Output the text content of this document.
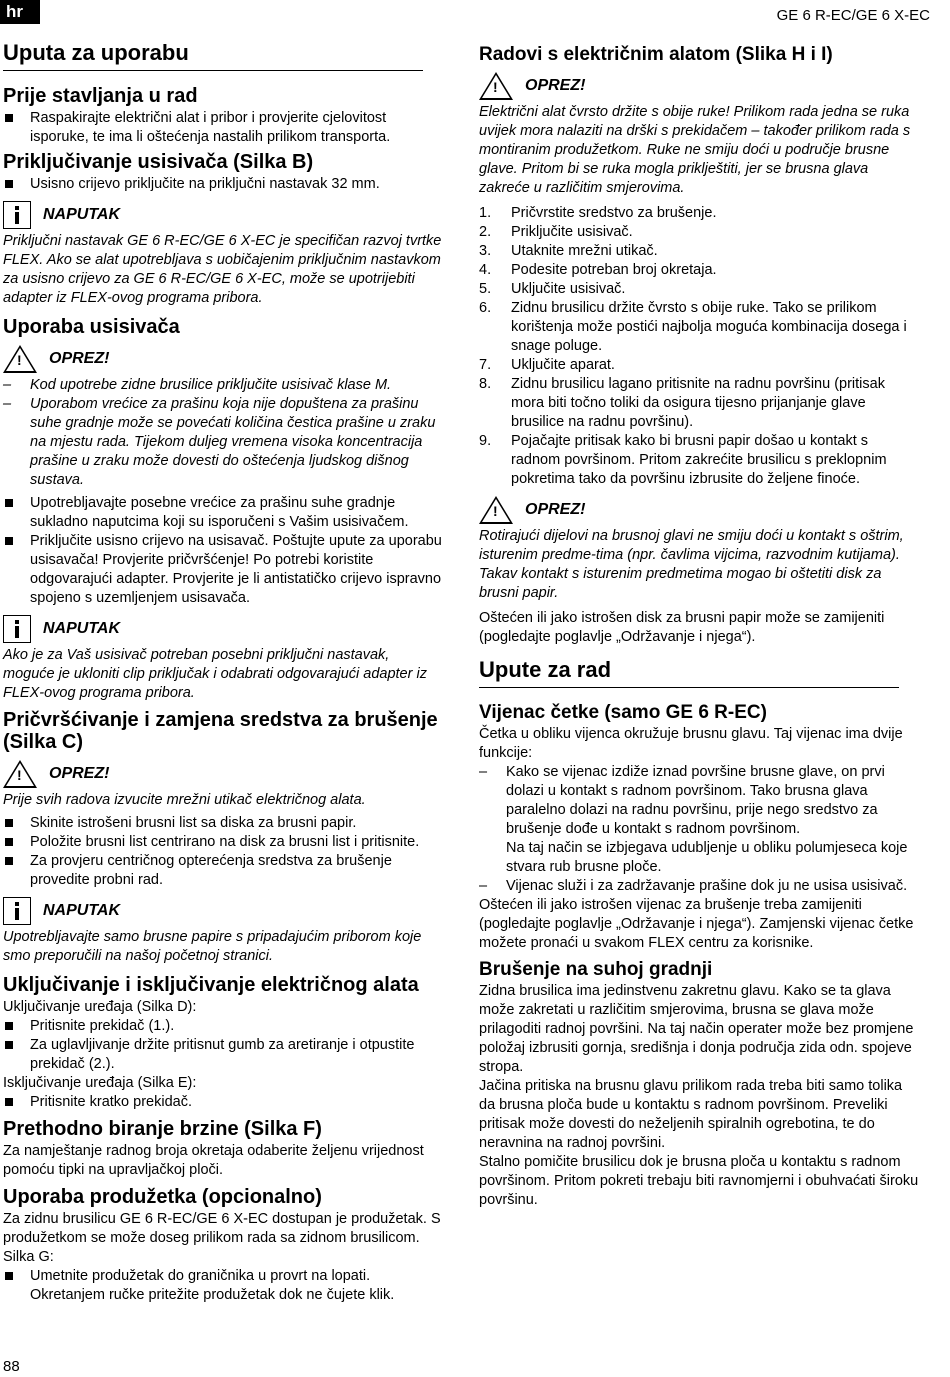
hr	GE 6 R-EC/GE 6 X-EC
Uputa za uporabu
Prije stavljanja u rad
Raspakirajte električni alat i pribor i provjerite cjelovitost isporuke, te ima li oštećenja nastalih prilikom transporta.
Priključivanje usisivača (Silka B)
Usisno crijevo priključite na priključni nastavak 32 mm.
NAPUTAK

Priključni nastavak GE 6 R-EC/GE 6 X-EC je specifičan razvoj tvrtke FLEX. Ako se alat upotrebljava s uobičajenim priključnim nastavkom za usisno crijevo za GE 6 R-EC/GE 6 X-EC, može se upotrijebiti adapter iz FLEX-ovog programa pribora.

Uporaba usisivača
!
OPREZ!
–	Kod upotrebe zidne brusilice priključite usisivač klase M.
–	Uporabom vrećice za prašinu koja nije dopuštena za prašinu suhe gradnje može se povećati količina čestica prašine u zraku na mjestu rada. Tijekom duljeg vremena visoka koncentracija prašine u zraku može dovesti do oštećenja ljudskog dišnog sustava.
Upotrebljavajte posebne vrećice za prašinu suhe gradnje sukladno naputcima koji su isporučeni s Vašim usisivačem.
Priključite usisno crijevo na usisavač. Poštujte upute za uporabu usisavača! Provjerite pričvršćenje! Po potrebi koristite odgovarajući adapter. Provjerite je li antistatičko crijevo ispravno spojeno s uzemljenjem usisavača.
NAPUTAK

Ako je za Vaš usisivač potreban posebni priključni nastavak, moguće je ukloniti clip priključak i odabrati odgovarajući adapter iz FLEX-ovog programa pribora.

Pričvršćivanje i zamjena sredstva za brušenje (Silka C)
!
OPREZ!

Prije svih radova izvucite mrežni utikač električnog alata.

Skinite istrošeni brusni list sa diska za brusni papir.
Položite brusni list centrirano na disk za brusni list i pritisnite.
Za provjeru centričnog opterećenja sredstva za brušenje provedite probni rad.
NAPUTAK

Upotrebljavajte samo brusne papire s pripadajućim priborom koje smo preporučili na našoj početnoj stranici.

Uključivanje i isključivanje električnog alata

Uključivanje uređaja (Silka D):

Pritisnite prekidač (1.).
Za uglavljivanje držite pritisnut gumb za aretiranje i otpustite prekidač (2.).

Isključivanje uređaja (Silka E):

Pritisnite kratko prekidač.
Prethodno biranje brzine (Silka F)

Za namještanje radnog broja okretaja odaberite željenu vrijednost pomoću tipki na upravljačkoj ploči.

Uporaba produžetka (opcionalno)

Za zidnu brusilicu GE 6 R-EC/GE 6 X-EC dostupan je produžetak. S produžetkom se može doseg prilikom rada sa zidnom brusilicom.

Silka G:

Umetnite produžetak do graničnika u provrt na lopati. Okretanjem ručke pritežite produžetak dok ne čujete klik.
Radovi s električnim alatom (Slika H i I)
!
OPREZ!

Električni alat čvrsto držite s obije ruke! Prilikom rada jedna se ruka uvijek mora nalaziti na drški s prekidačem – također prilikom rada s montiranim produžetkom. Ruke ne smiju doći u područje brusne glave. Pritom bi se ruka mogla priklještiti, jer se brusna glava zakreće u različitim smjerovima.

1.	Pričvrstite sredstvo za brušenje.
2.	Priključite usisivač.
3.	Utaknite mrežni utikač.
4.	Podesite potreban broj okretaja.
5.	Uključite usisivač.
6.	Zidnu brusilicu držite čvrsto s obije ruke. Tako se prilikom korištenja može postići najbolja moguća kombinacija dosega i snage poluge.
7.	Uključite aparat.
8.	Zidnu brusilicu lagano pritisnite na radnu površinu (pritisak mora biti točno toliki da osigura tijesno prijanjanje glave brusilice na radnu površinu).
9.	Pojačajte pritisak kako bi brusni papir došao u kontakt s radnom površinom. Pritom zakrećite brusilicu s preklopnim pokretima tako da površinu izbrusite do željene finoće.
!
OPREZ!

Rotirajući dijelovi na brusnoj glavi ne smiju doći u kontakt s oštrim, isturenim predme-tima (npr. čavlima vijcima, razvodnim kutijama). Takav kontakt s isturenim predmetima mogao bi oštetiti disk za brusni papir.

Oštećen ili jako istrošen disk za brusni papir može se zamijeniti (pogledajte poglavlje „Održavanje i njega“).

Upute za rad
Vijenac četke (samo GE 6 R-EC)

Četka u obliku vijenca okružuje brusnu glavu. Taj vijenac ima dvije funkcije:

–	Kako se vijenac izdiže iznad površine brusne glave, on prvi dolazi u kontakt s radnom površinom. Tako brusna glava paralelno dolazi na radnu površinu, prije nego sredstvo za brušenje dođe u kontakt s radnom površinom.
Na taj način se izbjegava udubljenje u obliku polumjeseca koje stvara rub brusne ploče.
–	Vijenac služi i za zadržavanje prašine dok ju ne usisa usisivač.

Oštećen ili jako istrošen vijenac za brušenje treba zamijeniti (pogledajte poglavlje „Održavanje i njega“). Zamjenski vijenac četke možete pronaći u svakom FLEX centru za korisnike.

Brušenje na suhoj gradnji

Zidna brusilica ima jedinstvenu zakretnu glavu. Kako se ta glava može zakretati u različitim smjerovima, brusna se glava može prilagoditi radnoj površini. Na taj način operater može bez promjene položaj izbrusiti gornja, središnja i donja područja zida odn. spojeve stropa.

Jačina pritiska na brusnu glavu prilikom rada treba biti samo tolika da brusna ploča bude u kontaktu s radnom površinom. Preveliki pritisak može dovesti do neželjenih spiralnih ogrebotina, te do neravnina na radnoj površini.

Stalno pomičite brusilicu dok je brusna ploča u kontaktu s radnom površinom. Pritom pokreti trebaju biti ravnomjerni i obuhvaćati široku površinu.

88
